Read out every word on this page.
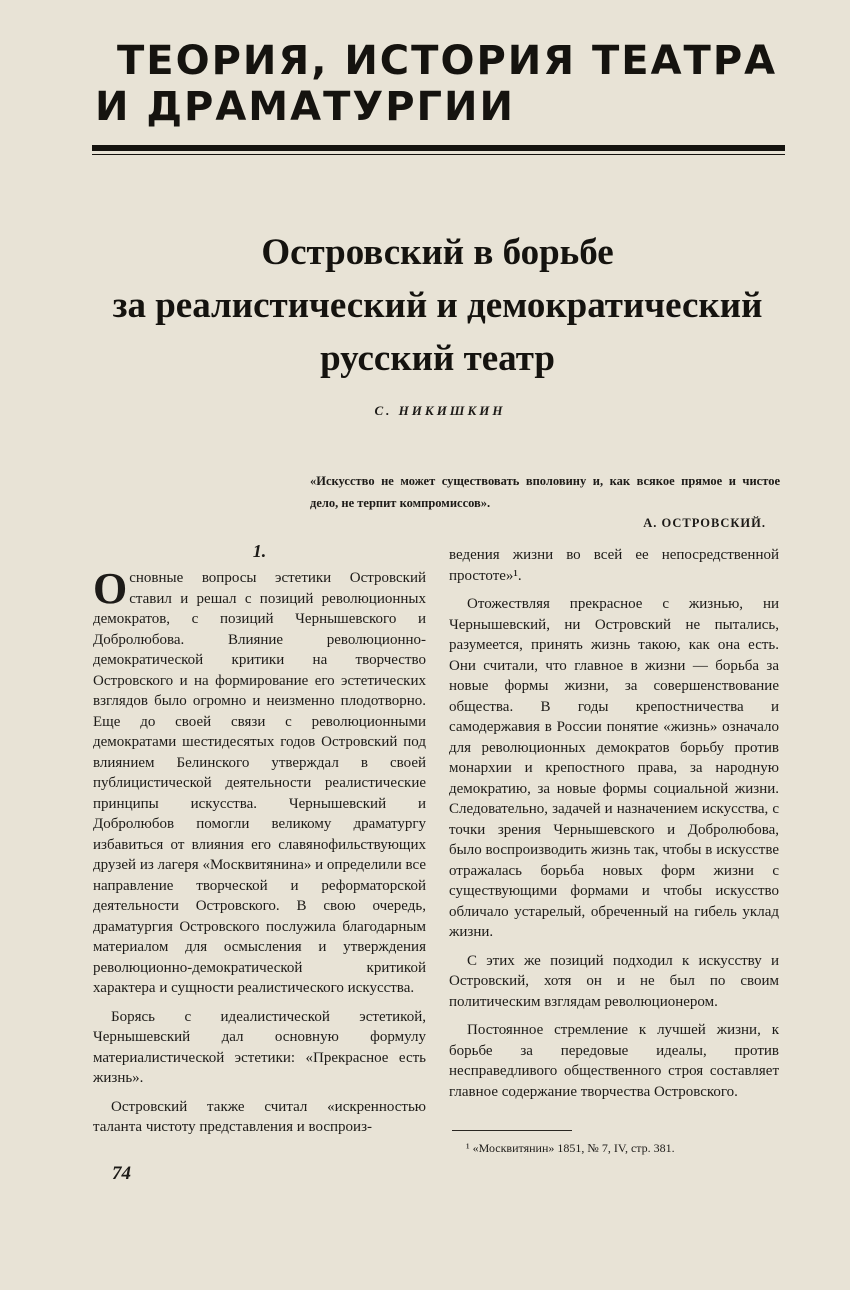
ТЕОРИЯ, ИСТОРИЯ ТЕАТРА
И ДРАМАТУРГИИ
Островский в борьбе
за реалистический и демократический
русский театр
С. НИКИШКИН
«Искусство не может существовать вполовину и, как всякое прямое и чистое
дело, не терпит компромиссов».
А. ОСТРОВСКИЙ.
1.

Основные вопросы эстетики Островский ставил и решал с позиций революционных демократов, с позиций Чернышевского и Добролюбова. Влияние революционно-демократической критики на творчество Островского и на формирование его эстетических взглядов было огромно и неизменно плодотворно. Еще до своей связи с революционными демократами шестидесятых годов Островский под влиянием Белинского утверждал в своей публицистической деятельности реалистические принципы искусства. Чернышевский и Добролюбов помогли великому драматургу избавиться от влияния его славянофильствующих друзей из лагеря «Москвитянина» и определили все направление творческой и реформаторской деятельности Островского. В свою очередь, драматургия Островского послужила благодарным материалом для осмысления и утверждения революционно-демократической критикой характера и сущности реалистического искусства.

Борясь с идеалистической эстетикой, Чернышевский дал основную формулу материалистической эстетики: «Прекрасное есть жизнь».

Островский также считал «искренностью таланта чистоту представления и воспроиз-

ведения жизни во всей ее непосредственной простоте»¹.

Отожествляя прекрасное с жизнью, ни Чернышевский, ни Островский не пытались, разумеется, принять жизнь такою, как она есть. Они считали, что главное в жизни — борьба за новые формы жизни, за совершенствование общества. В годы крепостничества и самодержавия в России понятие «жизнь» означало для революционных демократов борьбу против монархии и крепостного права, за народную демократию, за новые формы социальной жизни. Следовательно, задачей и назначением искусства, с точки зрения Чернышевского и Добролюбова, было воспроизводить жизнь так, чтобы в искусстве отражалась борьба новых форм жизни с существующими формами и чтобы искусство обличало устарелый, обреченный на гибель уклад жизни.

С этих же позиций подходил к искусству и Островский, хотя он и не был по своим политическим взглядам революционером.

Постоянное стремление к лучшей жизни, к борьбе за передовые идеалы, против несправедливого общественного строя составляет главное содержание творчества Островского.

¹ «Москвитянин» 1851, № 7, IV, стр. 381.
74
